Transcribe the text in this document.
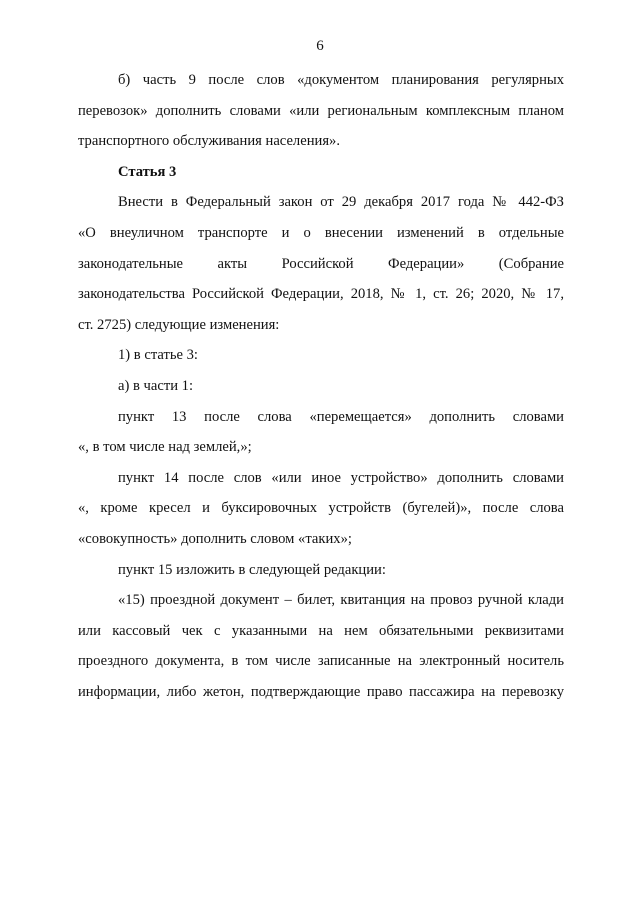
6
б) часть 9 после слов «документом планирования регулярных
перевозок» дополнить словами «или региональным комплексным планом
транспортного обслуживания населения».
Статья 3
Внести в Федеральный закон от 29 декабря 2017 года № 442-ФЗ
«О внеуличном транспорте и о внесении изменений в отдельные
законодательные акты Российской Федерации» (Собрание
законодательства Российской Федерации, 2018, № 1, ст. 26; 2020, № 17,
ст. 2725) следующие изменения:
1) в статье 3:
а) в части 1:
пункт 13 после слова «перемещается» дополнить словами
«, в том числе над землей,»;
пункт 14 после слов «или иное устройство» дополнить словами
«, кроме кресел и буксировочных устройств (бугелей)», после слова
«совокупность» дополнить словом «таких»;
пункт 15 изложить в следующей редакции:
«15) проездной документ – билет, квитанция на провоз ручной клади
или кассовый чек с указанными на нем обязательными реквизитами
проездного документа, в том числе записанные на электронный носитель
информации, либо жетон, подтверждающие право пассажира на перевозку
